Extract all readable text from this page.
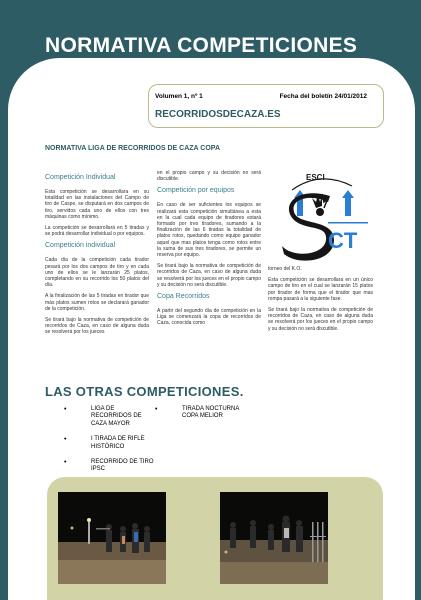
NORMATIVA COMPETICIONES
Volumen 1, nº 1	Fecha del boletín 24/01/2012
RECORRIDOSDECAZA.ES
NORMATIVA LIGA DE RECORRIDOS DE CAZA COPA
Competición Individual

Esta competición se desarrollara en su totalidad en las instalaciones del Campo de tiro de Caspe, se disputará en dos campos de tiro, servidos cada uno de ellos con tres máquinas como mínimo.

La competición se desarrollará en 5 tiradas y se podrá desarrollar individual o por equipos.

Competición individual

Cada día de la competición cada tirador pesará por los dos campos de tiro y en cada uno de ellos se le lanzarán 25 platos, completando en su recorrido los 50 platos del día.

A la finalización de las 5 tiradas en tirador que más platos sumen rotos se declarará ganador de la competición.

Se tirará bajo la normativa de competición de recorridos de Caza, en caso de alguna duda se resolverá por los jueces

en el propio campo y su decisión no será discutible.

Competición por equipos

En caso de ser suficientes los equipos se realizará esta competición simultánea a esta en la cual cada equipo de tiradores estará formado por tres tiradores, sumando a la finalización de las 6 tiradas la totalidad de platos rotos, quedando como equipo ganador aquel que mas platos tenga como rotos entre la suma de sus tres tiradores, se permite un reserva por equipo.

Se tirará bajo la normativa de competición de recorridos de Caza, en caso de alguna duda se resolverá por los jueces en el propio campo y su decisión no será discutible.

Copa Recorridos

A partir del segundo día de competición en la Liga se comenzará la copa de recorridos de Caza, conocida como

ESCI
CT

torneo del K.O.

Esta competición se desarrollara en un único campo de tiro en el cual se lanzarán 15 platos por tirador de forma que el tirador que mas rompa pasará a la siguiente fase.

Se tirará bajo la normativa de competición de recorridos de Caza, en caso de alguna duda se resolverá por los jueces en el propio campo y su decisión no será discutible.

LAS OTRAS COMPETICIONES.
• LIGA DE RECORRIDOS DE CAZA MAYOR
• I TIRADA DE RIFLE HISTÓRICO
• RECORRIDO DE TIRO IPSC
• TIRADA NOCTURNA COPA MELIOR
